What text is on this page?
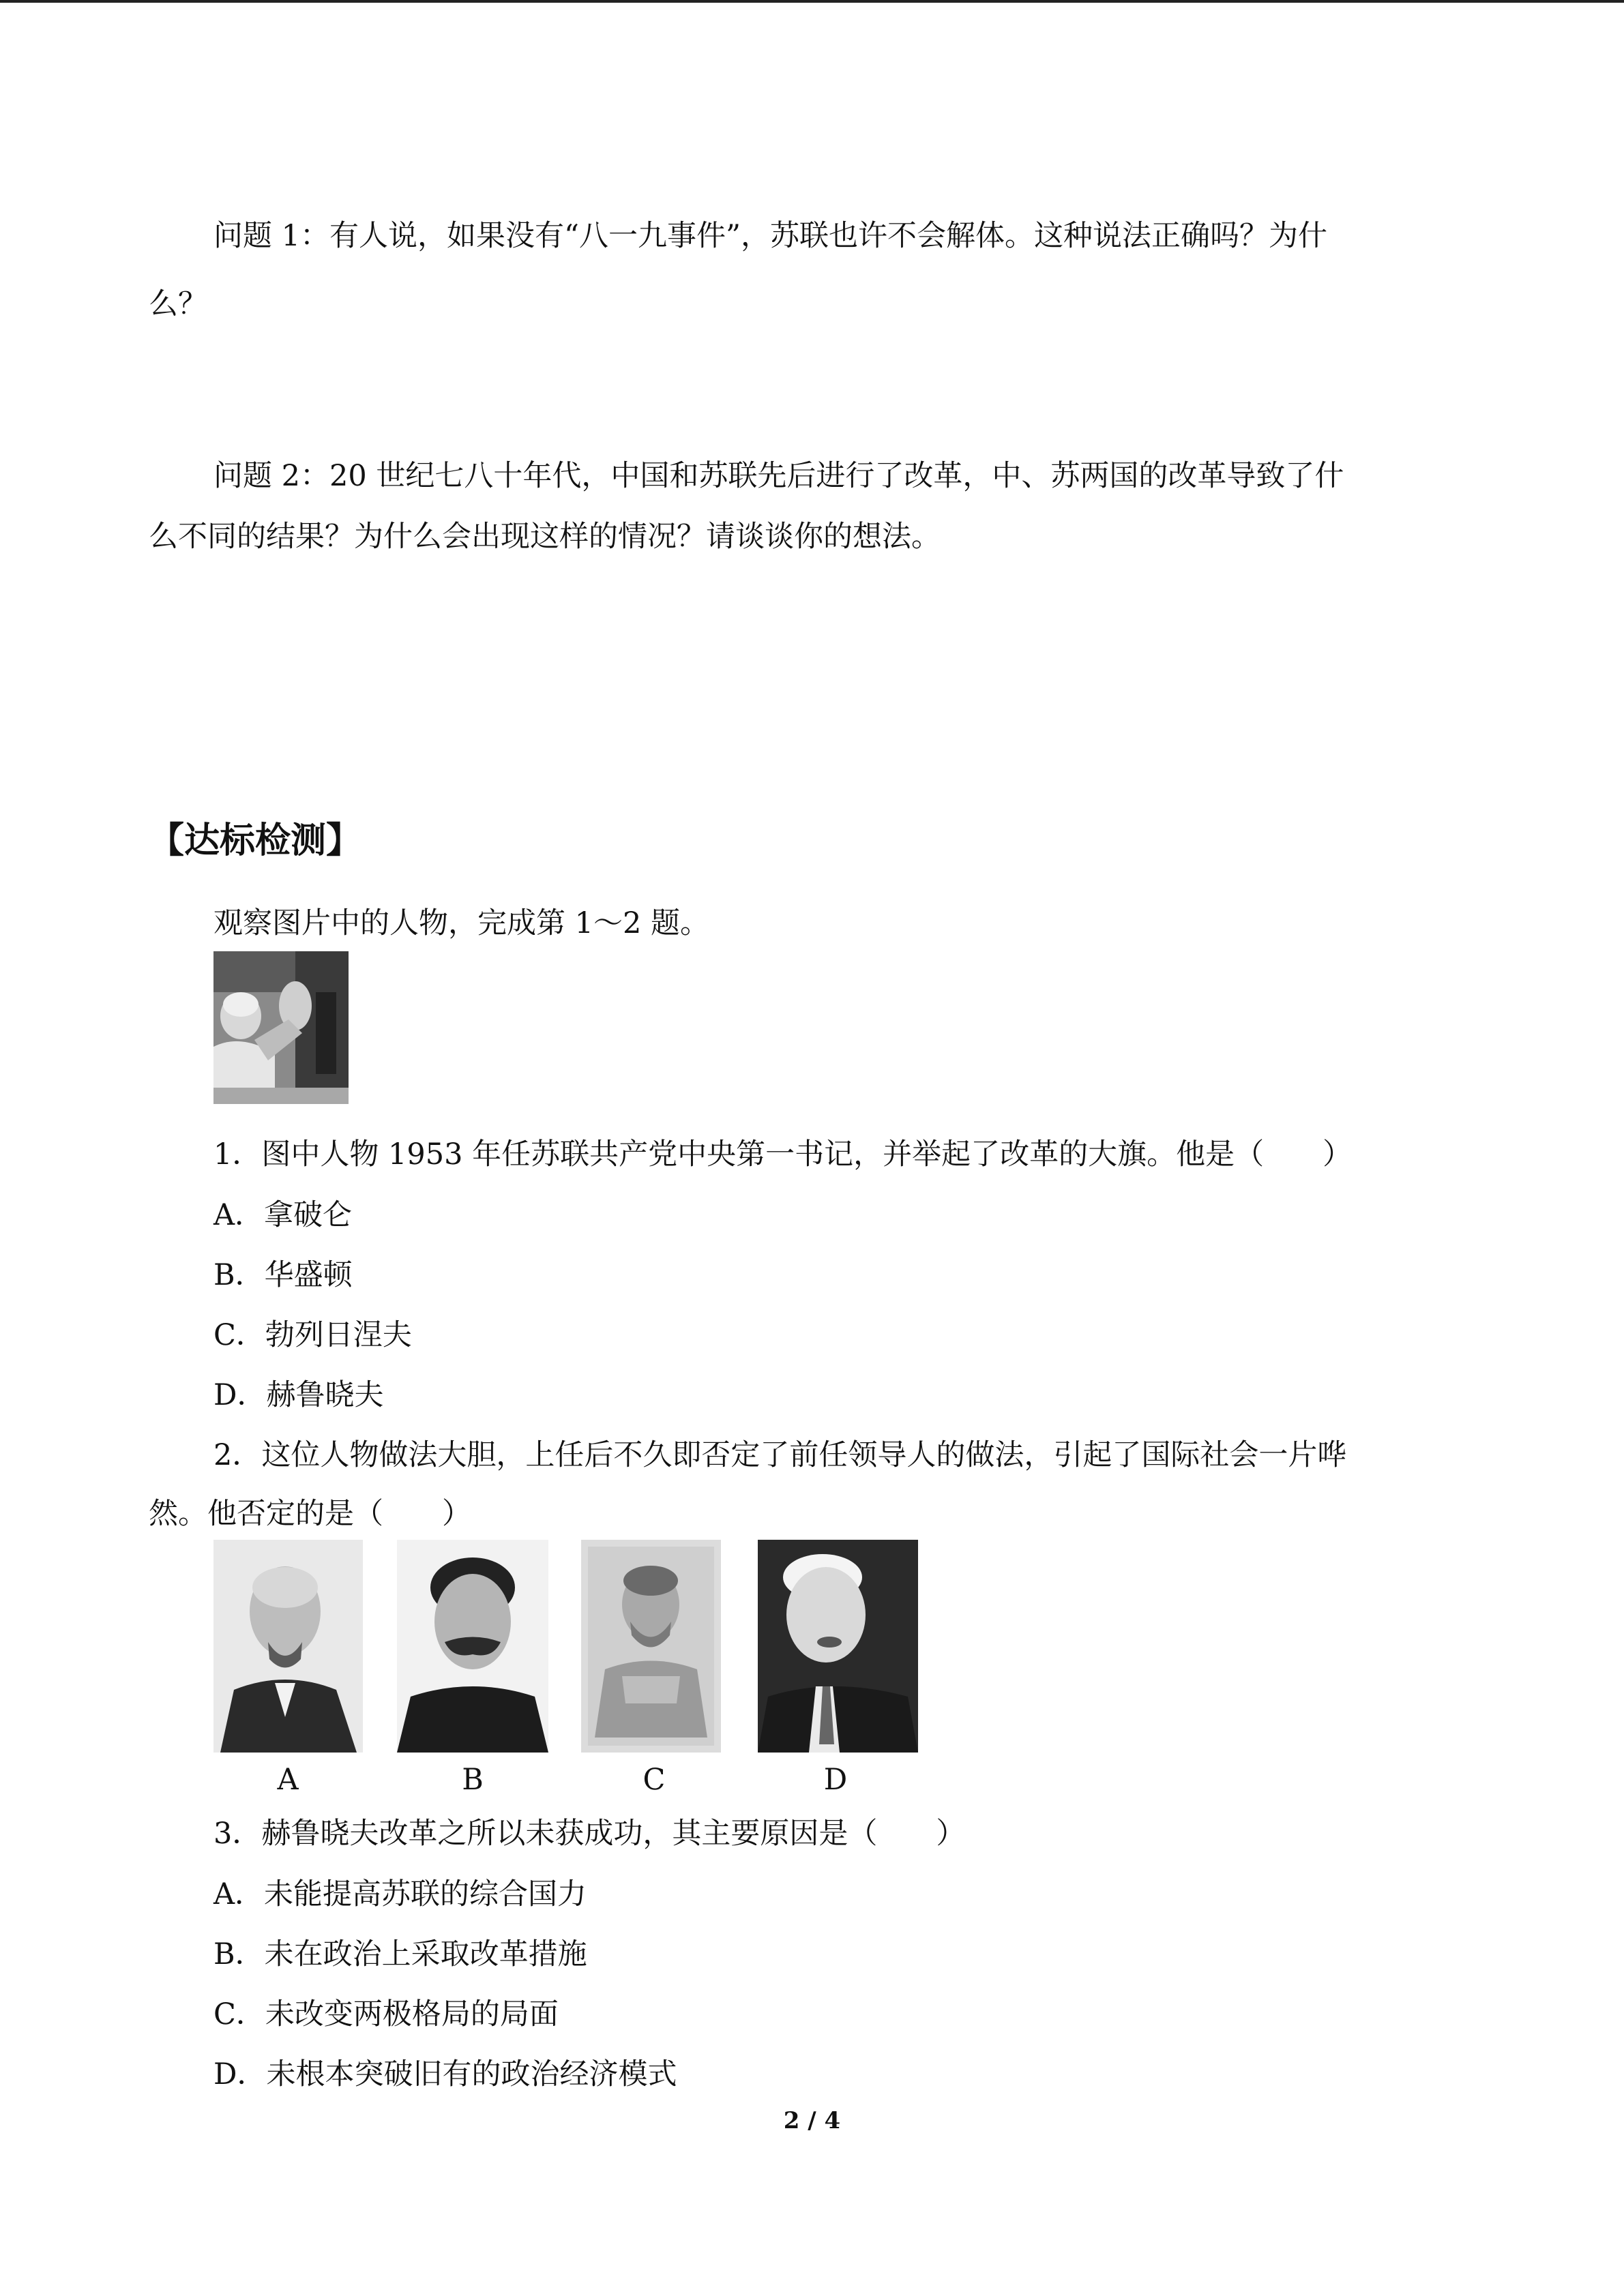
问题 1：有人说，如果没有“八一九事件”，苏联也许不会解体。这种说法正确吗？为什
么？
问题 2：20 世纪七八十年代，中国和苏联先后进行了改革，中、苏两国的改革导致了什
么不同的结果？为什么会出现这样的情况？请谈谈你的想法。
【达标检测】
观察图片中的人物，完成第 1～2 题。
1．图中人物 1953 年任苏联共产党中央第一书记，并举起了改革的大旗。他是（　　）
A．拿破仑
B．华盛顿
C．勃列日涅夫
D．赫鲁晓夫
2．这位人物做法大胆，上任后不久即否定了前任领导人的做法，引起了国际社会一片哗
然。他否定的是（　　）
A	B	C	D
3．赫鲁晓夫改革之所以未获成功，其主要原因是（　　）
A．未能提高苏联的综合国力
B．未在政治上采取改革措施
C．未改变两极格局的局面
D．未根本突破旧有的政治经济模式
2 / 4
